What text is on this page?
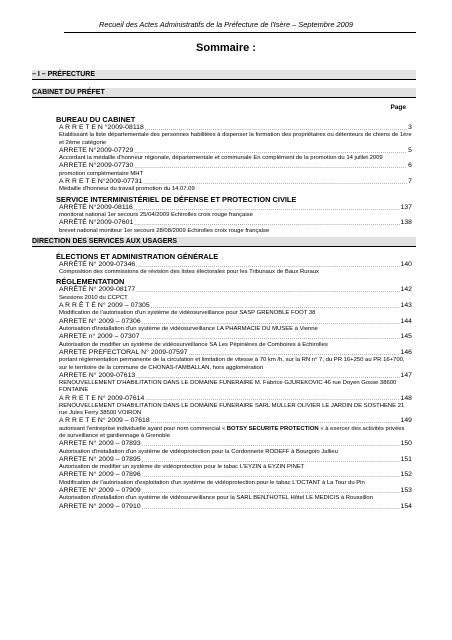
Recueil des Actes Administratifs de la Préfecture de l'Isère – Septembre 2009
Sommaire :
– I – PRÉFECTURE
CABINET DU PRÉFET
Page
BUREAU DU CABINET
A R R E T E N °2009-08118 .....	3
Etablissant la liste départementale des personnes habilitées à dispenser la formation des propriétaires ou détenteurs de chiens de 1ère et 2ème catégorie
ARRETE N°2009-07729 .....	5
Accordant la médaille d'honneur régionale, départementale et communale En complément de la promotion du 14 juillet 2009
ARRETE N°2009-07730 .....	6
promotion complémentaire MHT
A R R E T E N°2009-07731 .....	7
Médaille d'honneur du travail promotion du 14.07.09
SERVICE INTERMINISTÉRIEL DE DÉFENSE ET PROTECTION CIVILE
ARRÊTÉ N°2009-08116 .....	137
monitorat national 1er secours 25/04/2009 Echirolles croix rouge française
ARRÊTÉ N°2009-07601 .....	138
brevet national moniteur 1er secours 28/08/2009 Echirolles croix rouge française
DIRECTION DES SERVICES AUX USAGERS
ÉLECTIONS ET ADMINISTRATION GÉNÉRALE
ARRÊTÉ N° 2009-07346 .....	140
Composition des commissions de révision des listes électorales pour les Tribunaux de Baux Ruraux
RÉGLEMENTATION
ARRÊTÉ N° 2009-08177 .....	142
Sessions 2010 du CCPCT
A R R Ê T É N° 2009 – 07305 .....	143
Modification de l'autorisation d'un système de vidéosurveillance pour SASP GRENOBLE FOOT 38
ARRETE N° 2009 – 07306 .....	144
Autorisation d'installation d'un système de vidéosurveillance LA PHARMACIE DU MUSEE à Vienne
ARRETE n° 2009 – 07307 .....	145
Autorisation de modifier un système de vidéosurveillance SA Les Pépinières de Comboires à Echirolles
ARRETE PREFECTORAL N° 2009-07597 .....	146
portant réglementation permanente de la circulation et limitation de vitesse à 70 km /h, sur la RN n° 7, du PR 16+250 au PR 16+700, sur le territoire de la commune de CHONAS-l'AMBALLAN, hors agglomération
ARRETE N° 2009-07613 .....	147
RENOUVELLEMENT D'HABILITATION DANS LE DOMAINE FUNERAIRE M. Fabrice GJUREKOVIC 46 rue Doyen Gosse 38600 FONTAINE
A R R E T E N° 2009-07614 .....	148
RENOUVELLEMENT D'HABILITATION DANS LE DOMAINE FUNERAIRE SARL MULLER OLIVIER LE JARDIN DE SOSTHENE 21 rue Jules Ferry 38500 VOIRON
A R R E T E N° 2009 – 07618 .....	149
autorisant l'entreprise individuelle ayant pour nom commercial « BOTSY SECURITE PROTECTION » à exercer des activités privées de surveillance et gardiennage à Grenoble
ARRETE N° 2009 – 07893 .....	150
Autorisation d'installation d'un système de vidéoprotection pour la Cordonnerie RODEFF à Bourgoin Jallieu
ARRETE N° 2009 – 07895 .....	151
Autorisation de modifier un système de vidéoprotection pour le tabac L'EYZIN à EYZIN PINET
ARRETE N° 2009 – 07896 .....	152
Modification de l'autorisation d'exploitation d'un système de vidéoprotection pour le tabac L'OCTANT à La Tour du Pin
ARRETE N° 2009 – 07909 .....	153
Autorisation d'installation d'un système de vidéosurveillance pour la SARL BENJ'HOTEL Hôtel LE MEDICIS à Roussillon
ARRETE N° 2009 – 07910 .....	154
